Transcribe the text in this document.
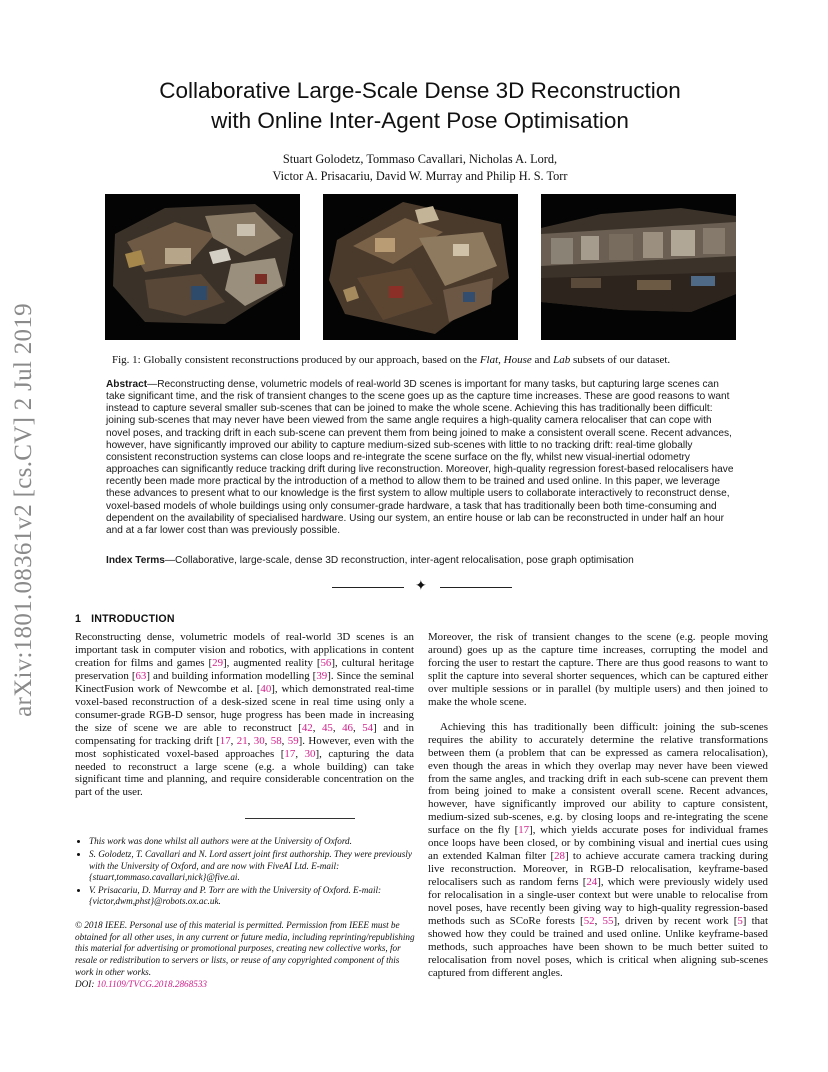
arXiv:1801.08361v2 [cs.CV] 2 Jul 2019
Collaborative Large-Scale Dense 3D Reconstruction
with Online Inter-Agent Pose Optimisation
Stuart Golodetz, Tommaso Cavallari, Nicholas A. Lord,
Victor A. Prisacariu, David W. Murray and Philip H. S. Torr
Fig. 1: Globally consistent reconstructions produced by our approach, based on the Flat, House and Lab subsets of our dataset.
Abstract—Reconstructing dense, volumetric models of real-world 3D scenes is important for many tasks, but capturing large scenes can take significant time, and the risk of transient changes to the scene goes up as the capture time increases. These are good reasons to want instead to capture several smaller sub-scenes that can be joined to make the whole scene. Achieving this has traditionally been difficult: joining sub-scenes that may never have been viewed from the same angle requires a high-quality camera relocaliser that can cope with novel poses, and tracking drift in each sub-scene can prevent them from being joined to make a consistent overall scene. Recent advances, however, have significantly improved our ability to capture medium-sized sub-scenes with little to no tracking drift: real-time globally consistent reconstruction systems can close loops and re-integrate the scene surface on the fly, whilst new visual-inertial odometry approaches can significantly reduce tracking drift during live reconstruction. Moreover, high-quality regression forest-based relocalisers have recently been made more practical by the introduction of a method to allow them to be trained and used online. In this paper, we leverage these advances to present what to our knowledge is the first system to allow multiple users to collaborate interactively to reconstruct dense, voxel-based models of whole buildings using only consumer-grade hardware, a task that has traditionally been both time-consuming and dependent on the availability of specialised hardware. Using our system, an entire house or lab can be reconstructed in under half an hour and at a far lower cost than was previously possible.
Index Terms—Collaborative, large-scale, dense 3D reconstruction, inter-agent relocalisation, pose graph optimisation
✦
1 INTRODUCTION

Reconstructing dense, volumetric models of real-world 3D scenes is an important task in computer vision and robotics, with applications in content creation for films and games [29], augmented reality [56], cultural heritage preservation [63] and building information modelling [39]. Since the seminal KinectFusion work of Newcombe et al. [40], which demonstrated real-time voxel-based reconstruction of a desk-sized scene in real time using only a consumer-grade RGB-D sensor, huge progress has been made in increasing the size of scene we are able to reconstruct [42, 45, 46, 54] and in compensating for tracking drift [17, 21, 30, 58, 59]. However, even with the most sophisticated voxel-based approaches [17, 30], capturing the data needed to reconstruct a large scene (e.g. a whole building) can take significant time and planning, and require considerable concentration on the part of the user.

• This work was done whilst all authors were at the University of Oxford.
• S. Golodetz, T. Cavallari and N. Lord assert joint first authorship. They were previously with the University of Oxford, and are now with FiveAI Ltd. E-mail: {stuart,tommaso.cavallari,nick}@five.ai.
• V. Prisacariu, D. Murray and P. Torr are with the University of Oxford. E-mail: {victor,dwm,phst}@robots.ox.ac.uk.
© 2018 IEEE. Personal use of this material is permitted. Permission from IEEE must be obtained for all other uses, in any current or future media, including reprinting/republishing this material for advertising or promotional purposes, creating new collective works, for resale or redistribution to servers or lists, or reuse of any copyrighted component of this work in other works.
DOI: 10.1109/TVCG.2018.2868533

Moreover, the risk of transient changes to the scene (e.g. people moving around) goes up as the capture time increases, corrupting the model and forcing the user to restart the capture. There are thus good reasons to want to split the capture into several shorter sequences, which can be captured either over multiple sessions or in parallel (by multiple users) and then joined to make the whole scene.

Achieving this has traditionally been difficult: joining the sub-scenes requires the ability to accurately determine the relative transformations between them (a problem that can be expressed as camera relocalisation), even though the areas in which they overlap may never have been viewed from the same angles, and tracking drift in each sub-scene can prevent them from being joined to make a consistent overall scene. Recent advances, however, have significantly improved our ability to capture consistent, medium-sized sub-scenes, e.g. by closing loops and re-integrating the scene surface on the fly [17], which yields accurate poses for individual frames once loops have been closed, or by combining visual and inertial cues using an extended Kalman filter [28] to achieve accurate camera tracking during live reconstruction. Moreover, in RGB-D relocalisation, keyframe-based relocalisers such as random ferns [24], which were previously widely used for relocalisation in a single-user context but were unable to relocalise from novel poses, have recently been giving way to high-quality regression-based methods such as SCoRe forests [52, 55], driven by recent work [5] that showed how they could be trained and used online. Unlike keyframe-based methods, such approaches have been shown to be much better suited to relocalisation from novel poses, which is critical when aligning sub-scenes captured from different angles.
